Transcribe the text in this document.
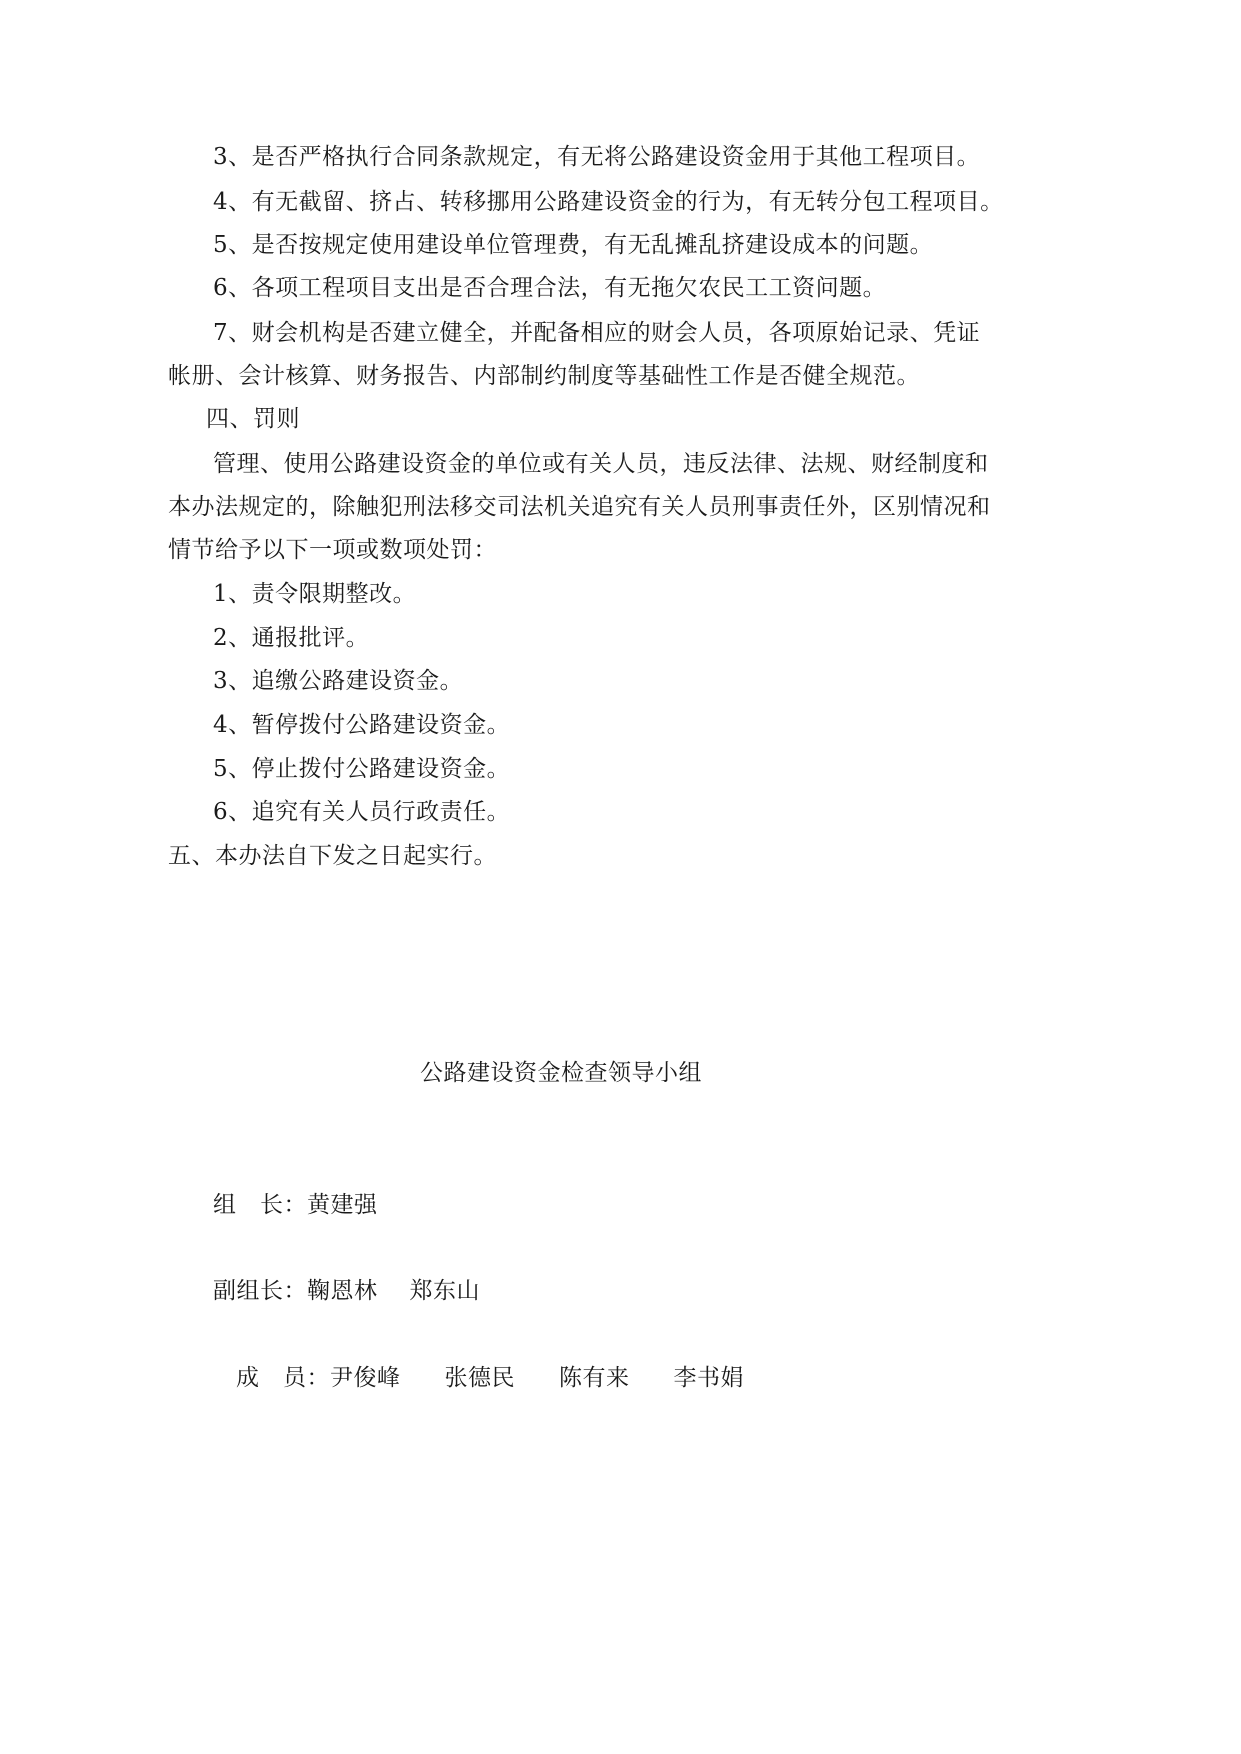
3、是否严格执行合同条款规定，有无将公路建设资金用于其他工程项目。
4、有无截留、挤占、转移挪用公路建设资金的行为，有无转分包工程项目。
5、是否按规定使用建设单位管理费，有无乱摊乱挤建设成本的问题。
6、各项工程项目支出是否合理合法，有无拖欠农民工工资问题。
7、财会机构是否建立健全，并配备相应的财会人员，各项原始记录、凭证
帐册、会计核算、财务报告、内部制约制度等基础性工作是否健全规范。
四、罚则
管理、使用公路建设资金的单位或有关人员，违反法律、法规、财经制度和
本办法规定的，除触犯刑法移交司法机关追究有关人员刑事责任外，区别情况和
情节给予以下一项或数项处罚：
1、责令限期整改。
2、通报批评。
3、追缴公路建设资金。
4、暂停拨付公路建设资金。
5、停止拨付公路建设资金。
6、追究有关人员行政责任。
五、本办法自下发之日起实行。
公路建设资金检查领导小组
组　长：黄建强
副组长：鞠恩林 郑东山
成　员：尹俊峰 张德民 陈有来 李书娟
